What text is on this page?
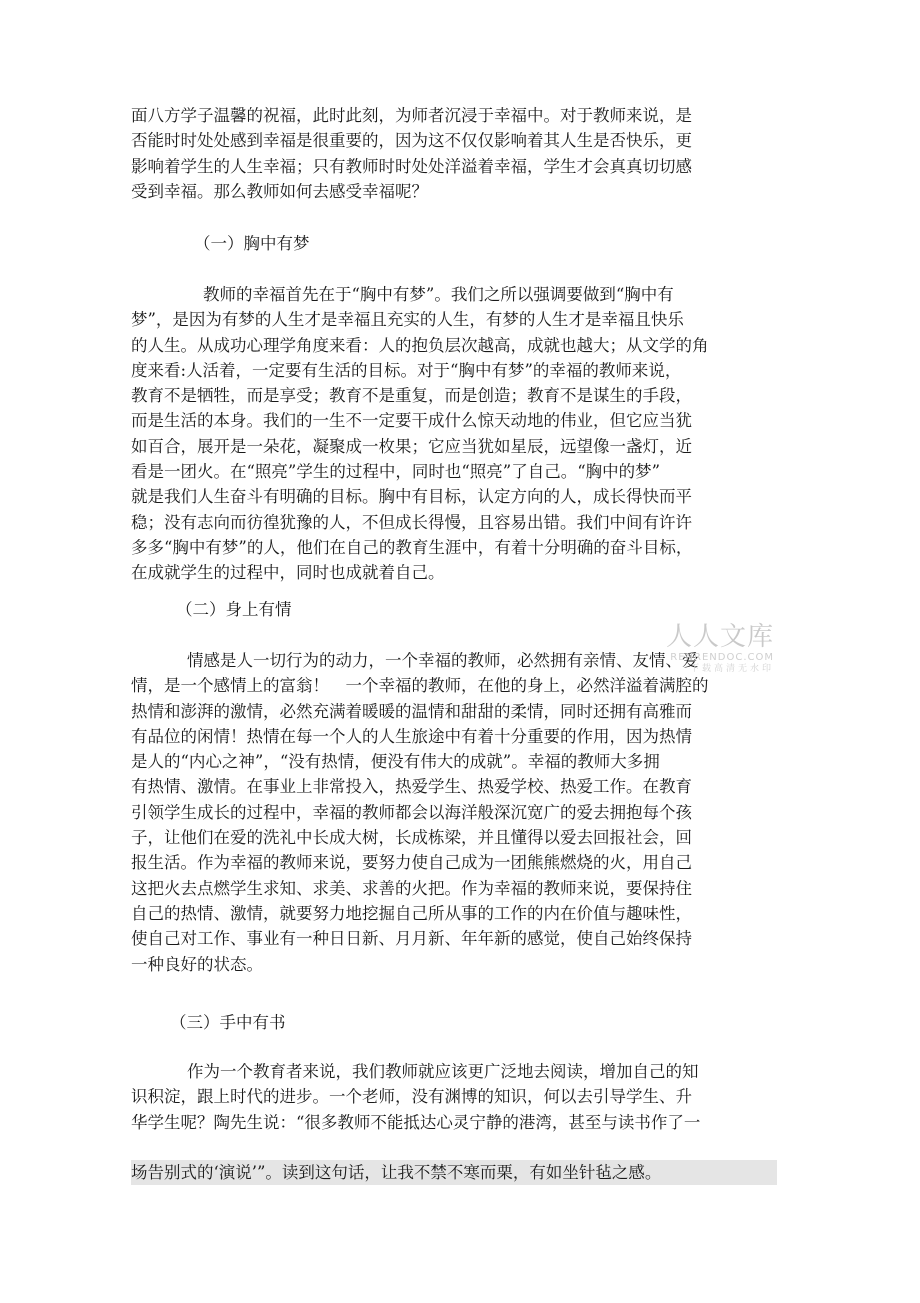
面八方学子温馨的祝福，此时此刻，为师者沉浸于幸福中。对于教师来说，是
否能时时处处感到幸福是很重要的，因为这不仅仅影响着其人生是否快乐，更
影响着学生的人生幸福；只有教师时时处处洋溢着幸福，学生才会真真切切感
受到幸福。那么教师如何去感受幸福呢？

（一）胸中有梦

教师的幸福首先在于“胸中有梦”。我们之所以强调要做到“胸中有
梦”，是因为有梦的人生才是幸福且充实的人生，有梦的人生才是幸福且快乐
的人生。从成功心理学角度来看：人的抱负层次越高，成就也越大；从文学的角
度来看:人活着，一定要有生活的目标。对于“胸中有梦”的幸福的教师来说，
教育不是牺牲，而是享受；教育不是重复，而是创造；教育不是谋生的手段，
而是生活的本身。我们的一生不一定要干成什么惊天动地的伟业，但它应当犹
如百合，展开是一朵花，凝聚成一枚果；它应当犹如星辰，远望像一盏灯，近
看是一团火。在“照亮”学生的过程中，同时也“照亮”了自己。“胸中的梦”
就是我们人生奋斗有明确的目标。胸中有目标，认定方向的人，成长得快而平
稳；没有志向而彷徨犹豫的人，不但成长得慢，且容易出错。我们中间有许许
多多“胸中有梦”的人，他们在自己的教育生涯中，有着十分明确的奋斗目标，
在成就学生的过程中，同时也成就着自己。

（二）身上有情

情感是人一切行为的动力，一个幸福的教师，必然拥有亲情、友情、爱
情，是一个感情上的富翁！　一个幸福的教师，在他的身上，必然洋溢着满腔的
热情和澎湃的激情，必然充满着暖暖的温情和甜甜的柔情，同时还拥有高雅而
有品位的闲情！热情在每一个人的人生旅途中有着十分重要的作用，因为热情
是人的“内心之神”，“没有热情，便没有伟大的成就”。幸福的教师大多拥
有热情、激情。在事业上非常投入，热爱学生、热爱学校、热爱工作。在教育
引领学生成长的过程中，幸福的教师都会以海洋般深沉宽广的爱去拥抱每个孩
子，让他们在爱的洗礼中长成大树，长成栋梁，并且懂得以爱去回报社会，回
报生活。作为幸福的教师来说，要努力使自己成为一团熊熊燃烧的火，用自己
这把火去点燃学生求知、求美、求善的火把。作为幸福的教师来说，要保持住
自己的热情、激情，就要努力地挖掘自己所从事的工作的内在价值与趣味性，
使自己对工作、事业有一种日日新、月月新、年年新的感觉，使自己始终保持
一种良好的状态。

（三）手中有书

作为一个教育者来说，我们教师就应该更广泛地去阅读，增加自己的知
识积淀，跟上时代的进步。一个老师，没有渊博的知识，何以去引导学生、升
华学生呢？陶先生说：“很多教师不能抵达心灵宁静的港湾，甚至与读书作了一

场告别式的‘演说’”。读到这句话，让我不禁不寒而栗，有如坐针毡之感。
人人文库
RENRENDOC.COM
下载高清无水印
